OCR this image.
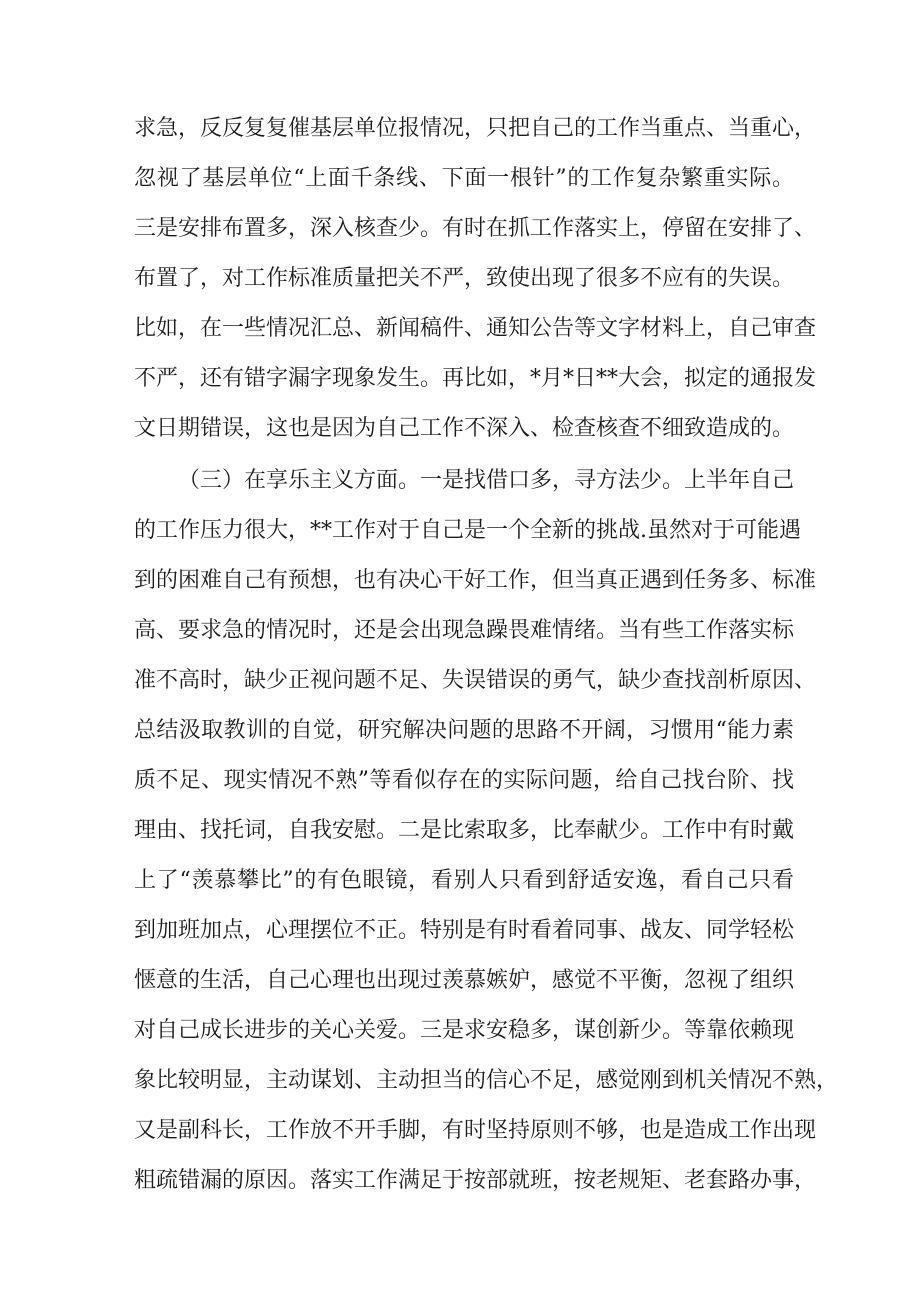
求急，反反复复催基层单位报情况，只把自己的工作当重点、当重心，
忽视了基层单位“上面千条线、下面一根针”的工作复杂繁重实际。
三是安排布置多，深入核查少。有时在抓工作落实上，停留在安排了、
布置了，对工作标准质量把关不严，致使出现了很多不应有的失误。
比如，在一些情况汇总、新闻稿件、通知公告等文字材料上，自己审查
不严，还有错字漏字现象发生。再比如，*月*日**大会，拟定的通报发
文日期错误，这也是因为自己工作不深入、检查核查不细致造成的。
（三）在享乐主义方面。一是找借口多，寻方法少。上半年自己
的工作压力很大，**工作对于自己是一个全新的挑战.虽然对于可能遇
到的困难自己有预想，也有决心干好工作，但当真正遇到任务多、标准
高、要求急的情况时，还是会出现急躁畏难情绪。当有些工作落实标
准不高时，缺少正视问题不足、失误错误的勇气，缺少查找剖析原因、
总结汲取教训的自觉，研究解决问题的思路不开阔，习惯用“能力素
质不足、现实情况不熟”等看似存在的实际问题，给自己找台阶、找
理由、找托词，自我安慰。二是比索取多，比奉献少。工作中有时戴
上了“羡慕攀比”的有色眼镜，看别人只看到舒适安逸，看自己只看
到加班加点，心理摆位不正。特别是有时看着同事、战友、同学轻松
惬意的生活，自己心理也出现过羡慕嫉妒，感觉不平衡，忽视了组织
对自己成长进步的关心关爱。三是求安稳多，谋创新少。等靠依赖现
象比较明显，主动谋划、主动担当的信心不足，感觉刚到机关情况不熟，
又是副科长，工作放不开手脚，有时坚持原则不够，也是造成工作出现
粗疏错漏的原因。落实工作满足于按部就班，按老规矩、老套路办事，
